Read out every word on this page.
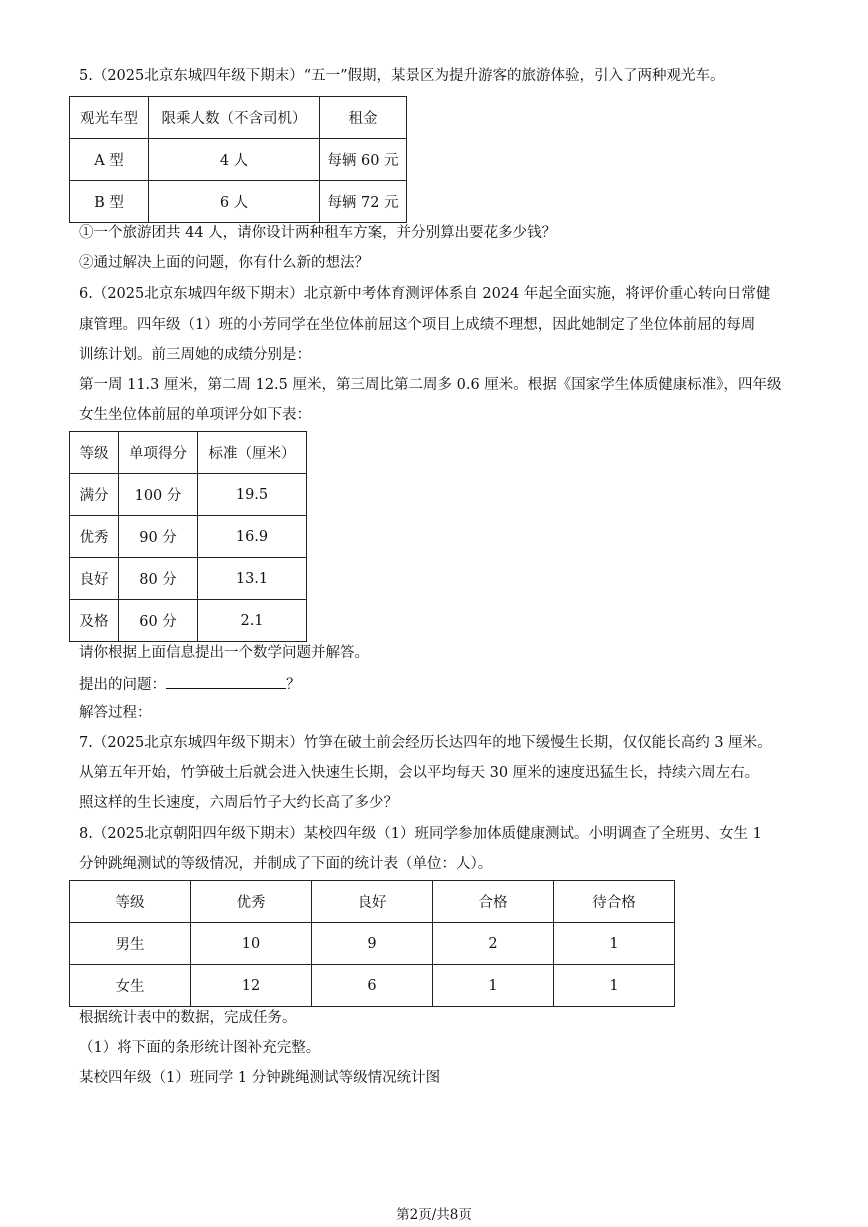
5.（2025北京东城四年级下期末）“五一”假期，某景区为提升游客的旅游体验，引入了两种观光车。
观光车型	限乘人数（不含司机）	租金
A 型	4 人	每辆 60 元
B 型	6 人	每辆 72 元
①一个旅游团共 44 人，请你设计两种租车方案，并分别算出要花多少钱？
②通过解决上面的问题，你有什么新的想法？
6.（2025北京东城四年级下期末）北京新中考体育测评体系自 2024 年起全面实施，将评价重心转向日常健
康管理。四年级（1）班的小芳同学在坐位体前屈这个项目上成绩不理想，因此她制定了坐位体前屈的每周
训练计划。前三周她的成绩分别是：
第一周 11.3 厘米，第二周 12.5 厘米，第三周比第二周多 0.6 厘米。根据《国家学生体质健康标准》，四年级
女生坐位体前屈的单项评分如下表：
等级	单项得分	标准（厘米）
满分	100 分	19.5
优秀	90 分	16.9
良好	80 分	13.1
及格	60 分	2.1
请你根据上面信息提出一个数学问题并解答。
提出的问题：	？
解答过程：
7.（2025北京东城四年级下期末）竹笋在破土前会经历长达四年的地下缓慢生长期，仅仅能长高约 3 厘米。
从第五年开始，竹笋破土后就会进入快速生长期，会以平均每天 30 厘米的速度迅猛生长，持续六周左右。
照这样的生长速度，六周后竹子大约长高了多少？
8.（2025北京朝阳四年级下期末）某校四年级（1）班同学参加体质健康测试。小明调查了全班男、女生 1
分钟跳绳测试的等级情况，并制成了下面的统计表（单位：人）。
等级	优秀	良好	合格	待合格
男生	10	9	2	1
女生	12	6	1	1
根据统计表中的数据，完成任务。
（1）将下面的条形统计图补充完整。
某校四年级（1）班同学 1 分钟跳绳测试等级情况统计图
第2页/共8页
